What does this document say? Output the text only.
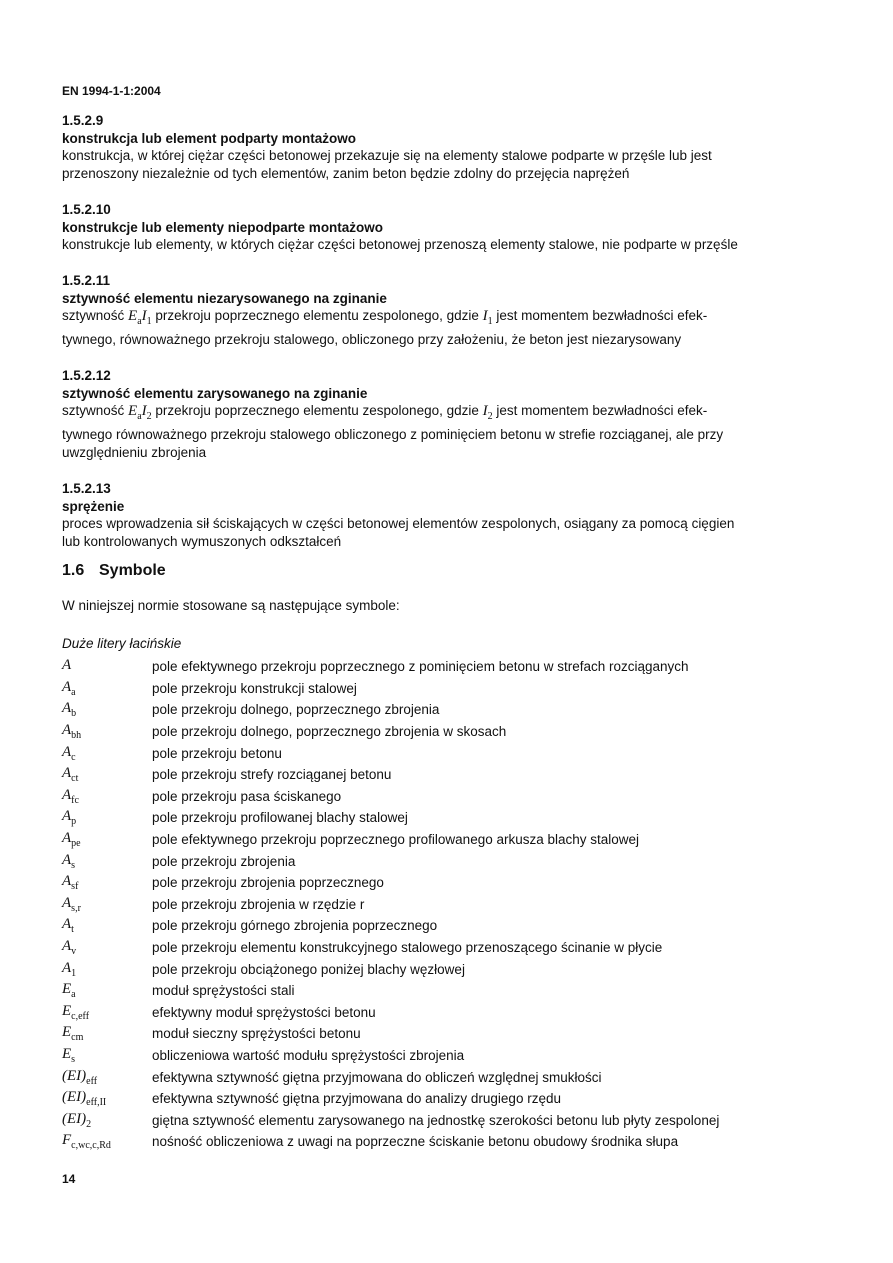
EN 1994-1-1:2004
1.5.2.9
konstrukcja lub element podparty montażowo
konstrukcja, w której ciężar części betonowej przekazuje się na elementy stalowe podparte w przęśle lub jest
przenoszony niezależnie od tych elementów, zanim beton będzie zdolny do przejęcia naprężeń
1.5.2.10
konstrukcje lub elementy niepodparte montażowo
konstrukcje lub elementy, w których ciężar części betonowej przenoszą elementy stalowe, nie podparte w przęśle
1.5.2.11
sztywność elementu niezarysowanego na zginanie
sztywność $E_aI_1$ przekroju poprzecznego elementu zespolonego, gdzie $I_1$ jest momentem bezwładności efek-
tywnego, równoważnego przekroju stalowego, obliczonego przy założeniu, że beton jest niezarysowany
1.5.2.12
sztywność elementu zarysowanego na zginanie
sztywność $E_aI_2$ przekroju poprzecznego elementu zespolonego, gdzie $I_2$ jest momentem bezwładności efek-
tywnego równoważnego przekroju stalowego obliczonego z pominięciem betonu w strefie rozciąganej, ale przy
uwzględnieniu zbrojenia
1.5.2.13
sprężenie
proces wprowadzenia sił ściskających w części betonowej elementów zespolonych, osiągany za pomocą cięgien
lub kontrolowanych wymuszonych odkształceń
1.6 Symbole
W niniejszej normie stosowane są następujące symbole:
Duże litery łacińskie
A	pole efektywnego przekroju poprzecznego z pominięciem betonu w strefach rozciąganych
$A_a$	pole przekroju konstrukcji stalowej
$A_b$	pole przekroju dolnego, poprzecznego zbrojenia
$A_{bh}$	pole przekroju dolnego, poprzecznego zbrojenia w skosach
$A_c$	pole przekroju betonu
$A_{ct}$	pole przekroju strefy rozciąganej betonu
$A_{fc}$	pole przekroju pasa ściskanego
$A_p$	pole przekroju profilowanej blachy stalowej
$A_{pe}$	pole efektywnego przekroju poprzecznego profilowanego arkusza blachy stalowej
$A_s$	pole przekroju zbrojenia
$A_{sf}$	pole przekroju zbrojenia poprzecznego
$A_{s,r}$	pole przekroju zbrojenia w rzędzie r
$A_t$	pole przekroju górnego zbrojenia poprzecznego
$A_v$	pole przekroju elementu konstrukcyjnego stalowego przenoszącego ścinanie w płycie
$A_1$	pole przekroju obciążonego poniżej blachy węzłowej
$E_a$	moduł sprężystości stali
$E_{c,eff}$	efektywny moduł sprężystości betonu
$E_{cm}$	moduł sieczny sprężystości betonu
$E_s$	obliczeniowa wartość modułu sprężystości zbrojenia
$(EI)_{eff}$	efektywna sztywność giętna przyjmowana do obliczeń względnej smukłości
$(EI)_{eff,II}$	efektywna sztywność giętna przyjmowana do analizy drugiego rzędu
$(EI)_2$	giętna sztywność elementu zarysowanego na jednostkę szerokości betonu lub płyty zespolonej
$F_{c,wc,c,Rd}$	nośność obliczeniowa z uwagi na poprzeczne ściskanie betonu obudowy środnika słupa
14
